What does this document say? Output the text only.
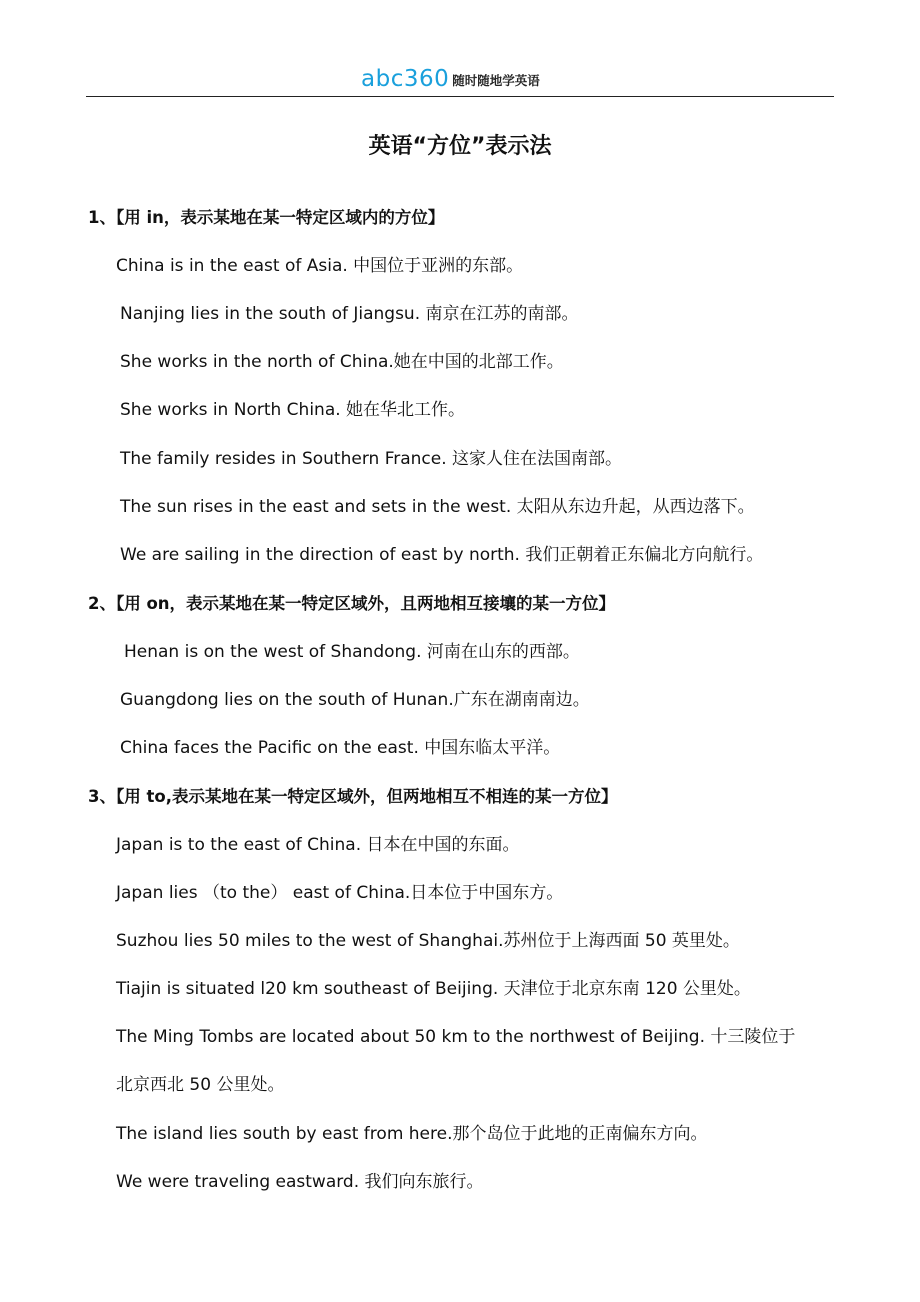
abc360 随时随地学英语
英语“方位”表示法
1、【用 in，表示某地在某一特定区域内的方位】
China is in the east of Asia. 中国位于亚洲的东部。
Nanjing lies in the south of Jiangsu. 南京在江苏的南部。
She works in the north of China.她在中国的北部工作。
She works in North China. 她在华北工作。
The family resides in Southern France. 这家人住在法国南部。
The sun rises in the east and sets in the west. 太阳从东边升起，从西边落下。
We are sailing in the direction of east by north. 我们正朝着正东偏北方向航行。
2、【用 on，表示某地在某一特定区域外，且两地相互接壤的某一方位】
Henan is on the west of Shandong. 河南在山东的西部。
Guangdong lies on the south of Hunan.广东在湖南南边。
China faces the Pacific on the east. 中国东临太平洋。
3、【用 to,表示某地在某一特定区域外，但两地相互不相连的某一方位】
Japan is to the east of China. 日本在中国的东面。
Japan lies （to the） east of China.日本位于中国东方。
Suzhou lies 50 miles to the west of Shanghai.苏州位于上海西面 50 英里处。
Tiajin is situated l20 km southeast of Beijing. 天津位于北京东南 120 公里处。
The Ming Tombs are located about 50 km to the northwest of Beijing. 十三陵位于
北京西北 50 公里处。
The island lies south by east from here.那个岛位于此地的正南偏东方向。
We were traveling eastward. 我们向东旅行。
